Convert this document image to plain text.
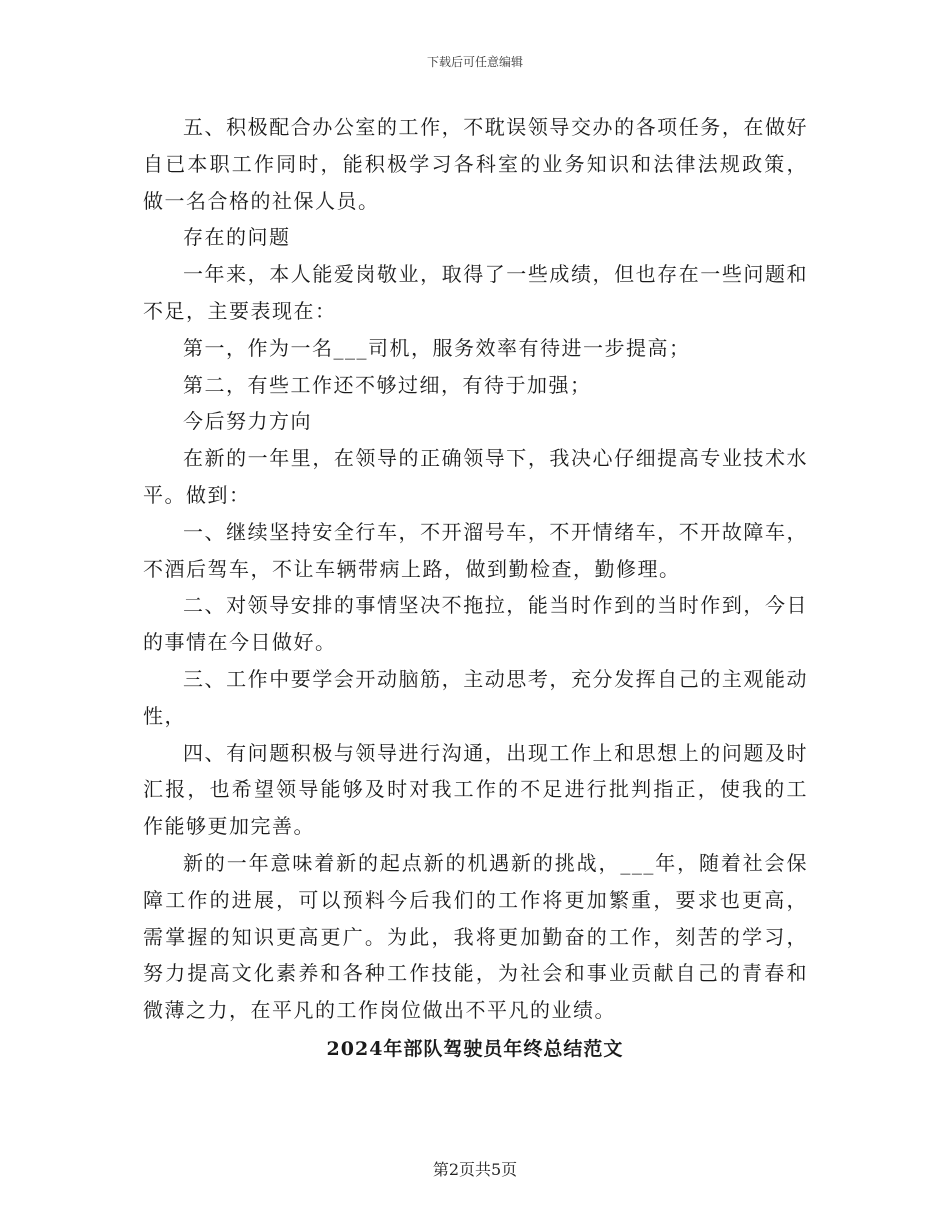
下载后可任意编辑

五、积极配合办公室的工作，不耽误领导交办的各项任务，在做好自已本职工作同时，能积极学习各科室的业务知识和法律法规政策，做一名合格的社保人员。

存在的问题

一年来，本人能爱岗敬业，取得了一些成绩，但也存在一些问题和不足，主要表现在：

第一，作为一名___司机，服务效率有待进一步提高；

第二，有些工作还不够过细，有待于加强；

今后努力方向

在新的一年里，在领导的正确领导下，我决心仔细提高专业技术水平。做到：

一、继续坚持安全行车，不开溜号车，不开情绪车，不开故障车，不酒后驾车，不让车辆带病上路，做到勤检查，勤修理。

二、对领导安排的事情坚决不拖拉，能当时作到的当时作到，今日的事情在今日做好。

三、工作中要学会开动脑筋，主动思考，充分发挥自己的主观能动性，

四、有问题积极与领导进行沟通，出现工作上和思想上的问题及时汇报，也希望领导能够及时对我工作的不足进行批判指正，使我的工作能够更加完善。

新的一年意味着新的起点新的机遇新的挑战，___年，随着社会保障工作的进展，可以预料今后我们的工作将更加繁重，要求也更高，需掌握的知识更高更广。为此，我将更加勤奋的工作，刻苦的学习，努力提高文化素养和各种工作技能，为社会和事业贡献自己的青春和微薄之力，在平凡的工作岗位做出不平凡的业绩。

2024年部队驾驶员年终总结范文
第2页共5页
